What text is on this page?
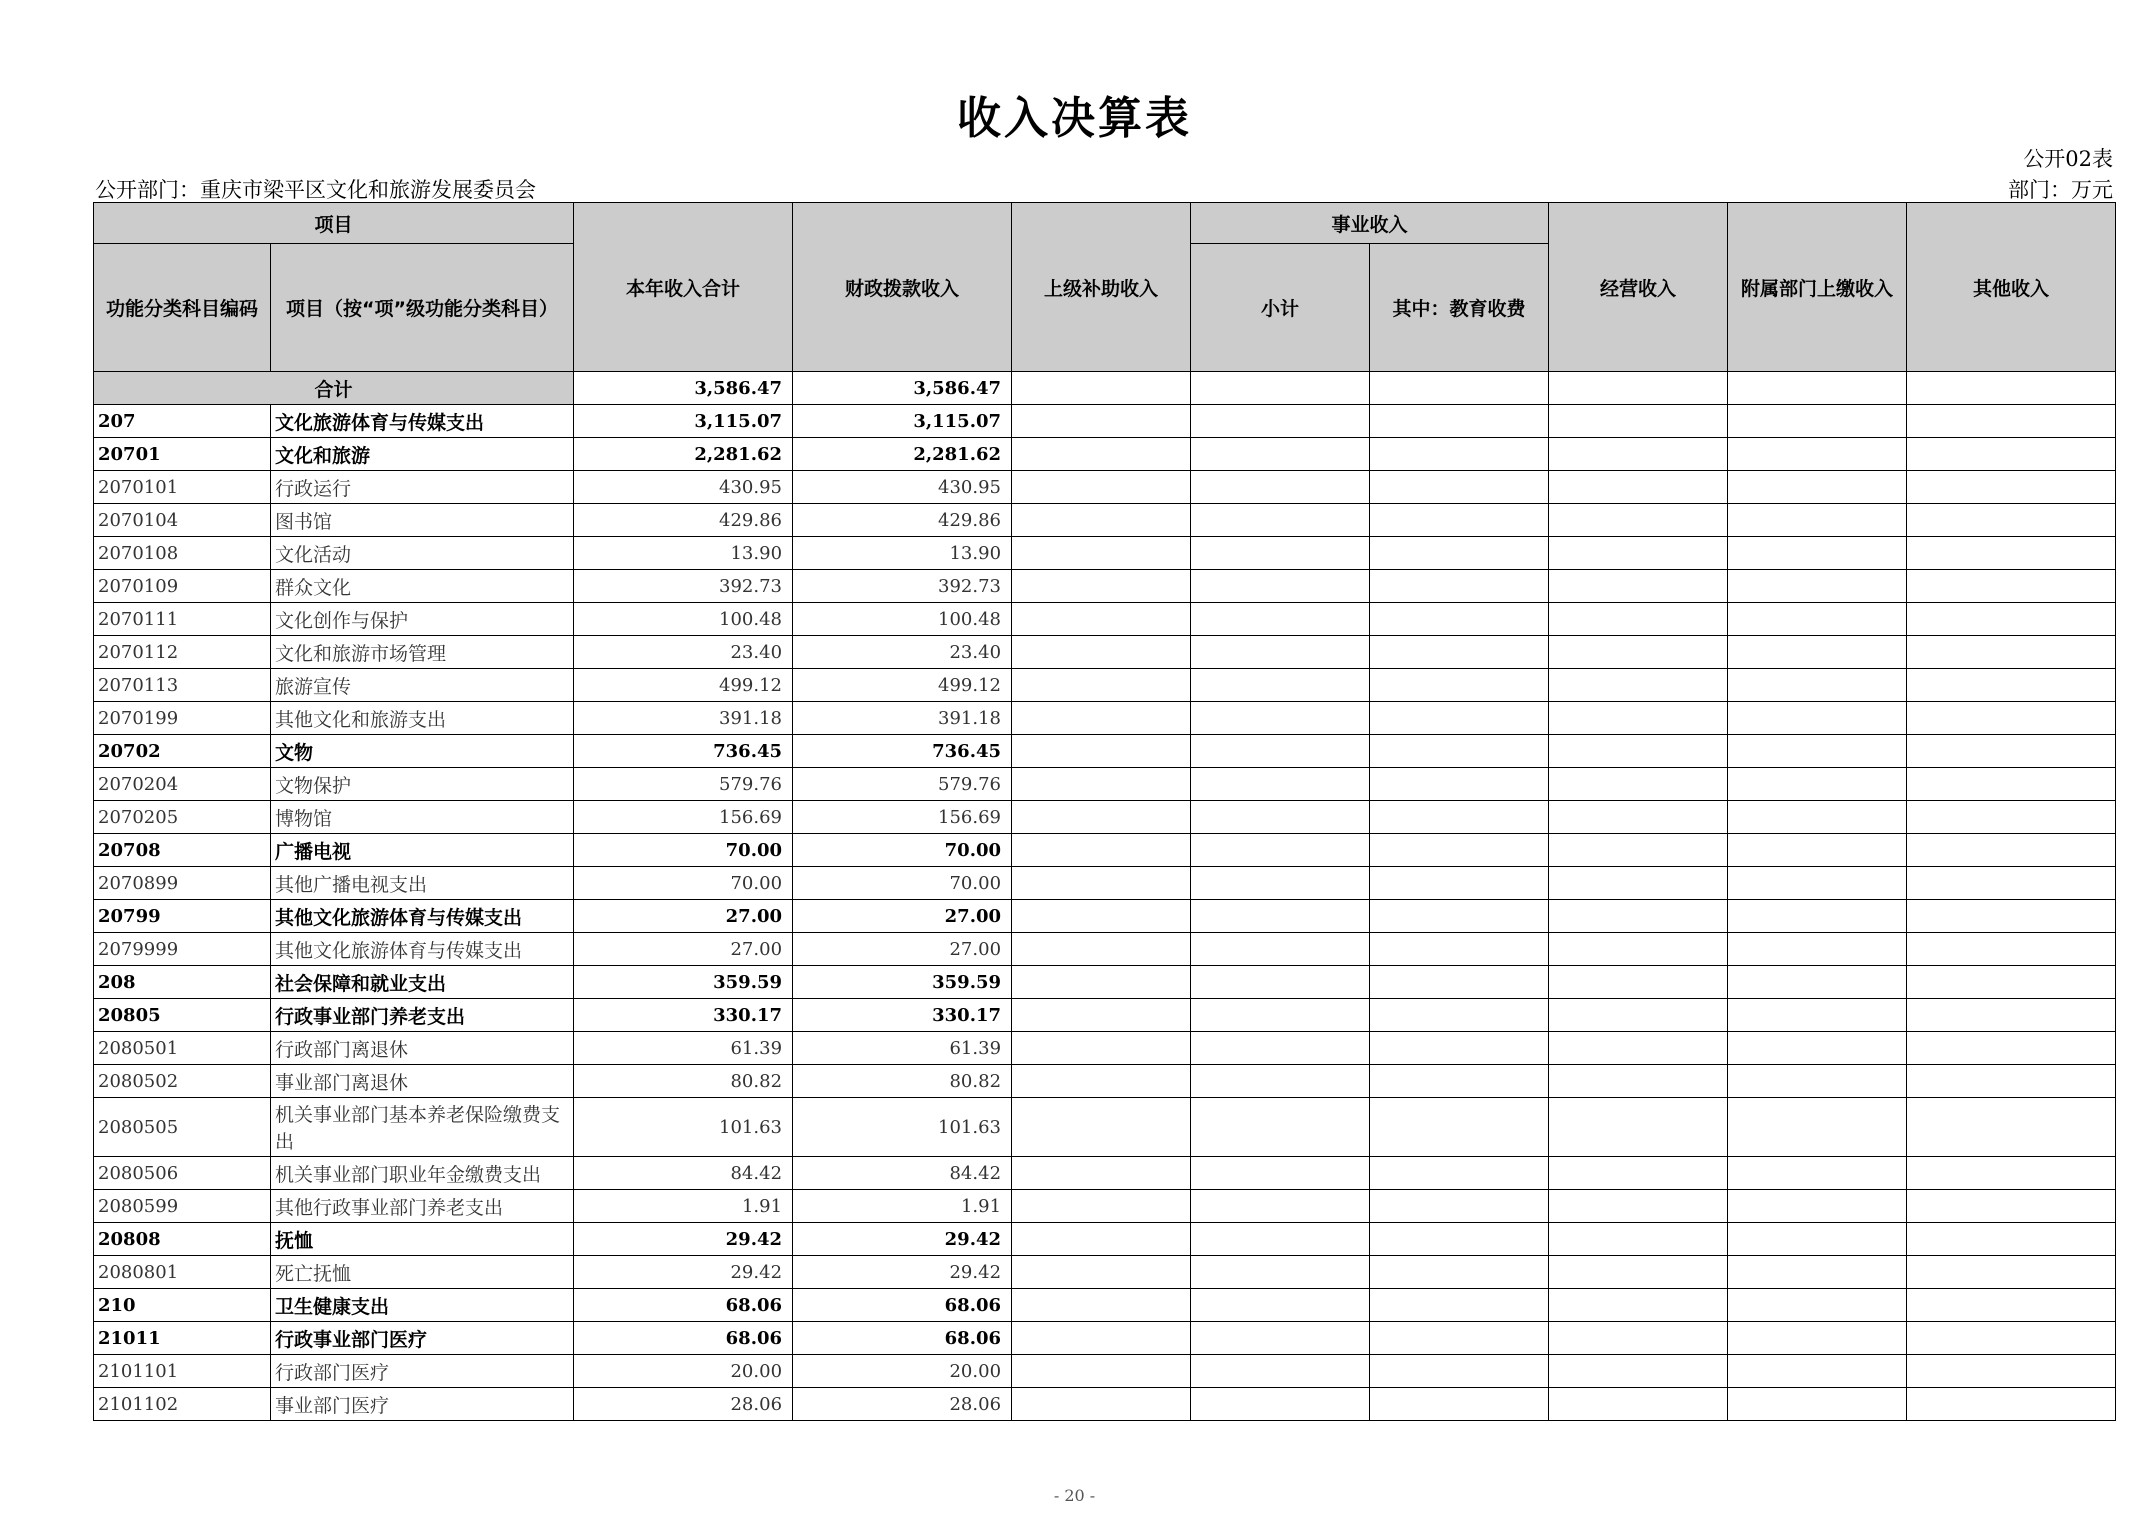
收入决算表
公开02表
公开部门：重庆市梁平区文化和旅游发展委员会	部门：万元
项目		本年收入合计	财政拨款收入	上级补助收入	事业收入		经营收入	附属部门上缴收入	其他收入
功能分类科目编码	项目（按“项”级功能分类科目）				小计	其中：教育收费			
合计		3,586.47	3,586.47						
207	文化旅游体育与传媒支出	3,115.07	3,115.07						
20701	文化和旅游	2,281.62	2,281.62						
2070101	行政运行	430.95	430.95						
2070104	图书馆	429.86	429.86						
2070108	文化活动	13.90	13.90						
2070109	群众文化	392.73	392.73						
2070111	文化创作与保护	100.48	100.48						
2070112	文化和旅游市场管理	23.40	23.40						
2070113	旅游宣传	499.12	499.12						
2070199	其他文化和旅游支出	391.18	391.18						
20702	文物	736.45	736.45						
2070204	文物保护	579.76	579.76						
2070205	博物馆	156.69	156.69						
20708	广播电视	70.00	70.00						
2070899	其他广播电视支出	70.00	70.00						
20799	其他文化旅游体育与传媒支出	27.00	27.00						
2079999	其他文化旅游体育与传媒支出	27.00	27.00						
208	社会保障和就业支出	359.59	359.59						
20805	行政事业部门养老支出	330.17	330.17						
2080501	行政部门离退休	61.39	61.39						
2080502	事业部门离退休	80.82	80.82						
2080505	机关事业部门基本养老保险缴费支出	101.63	101.63						
2080506	机关事业部门职业年金缴费支出	84.42	84.42						
2080599	其他行政事业部门养老支出	1.91	1.91						
20808	抚恤	29.42	29.42						
2080801	死亡抚恤	29.42	29.42						
210	卫生健康支出	68.06	68.06						
21011	行政事业部门医疗	68.06	68.06						
2101101	行政部门医疗	20.00	20.00						
2101102	事业部门医疗	28.06	28.06						
- 20 -
